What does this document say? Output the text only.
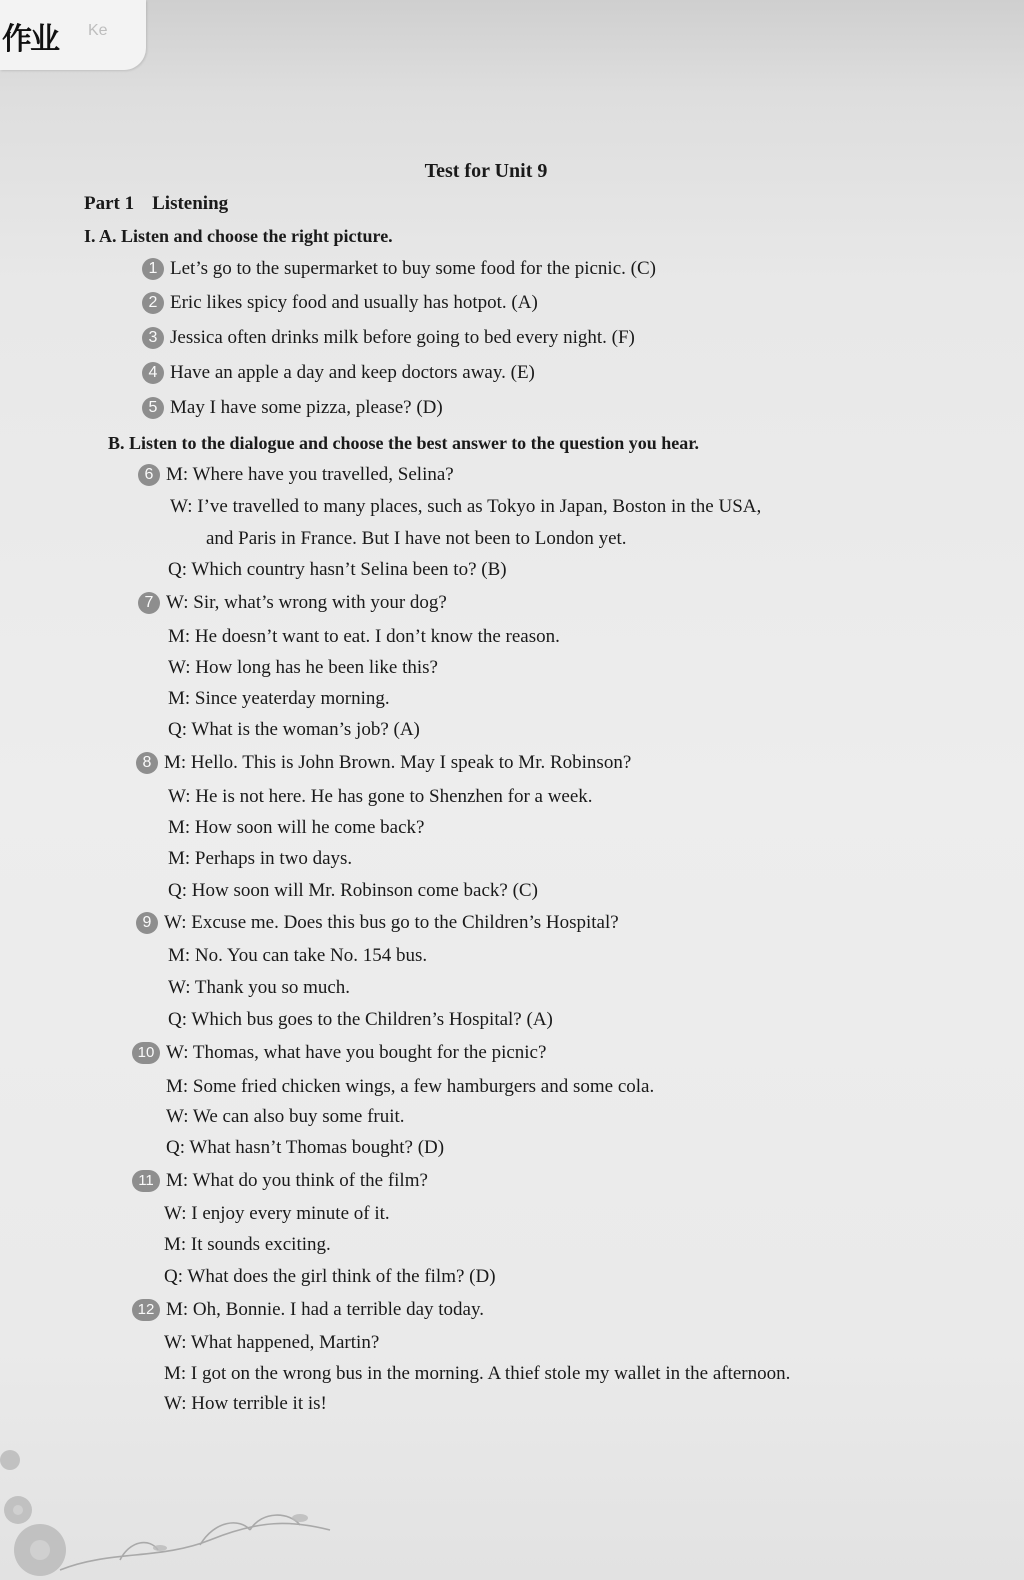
作业 Ke
Test for Unit 9
Part 1 Listening
I. A. Listen and choose the right picture.
1 Let’s go to the supermarket to buy some food for the picnic. (C)
2 Eric likes spicy food and usually has hotpot. (A)
3 Jessica often drinks milk before going to bed every night. (F)
4 Have an apple a day and keep doctors away. (E)
5 May I have some pizza, please? (D)
B. Listen to the dialogue and choose the best answer to the question you hear.
6 M: Where have you travelled, Selina?
W: I’ve travelled to many places, such as Tokyo in Japan, Boston in the USA,
and Paris in France. But I have not been to London yet.
Q: Which country hasn’t Selina been to? (B)
7 W: Sir, what’s wrong with your dog?
M: He doesn’t want to eat. I don’t know the reason.
W: How long has he been like this?
M: Since yeaterday morning.
Q: What is the woman’s job? (A)
8 M: Hello. This is John Brown. May I speak to Mr. Robinson?
W: He is not here. He has gone to Shenzhen for a week.
M: How soon will he come back?
M: Perhaps in two days.
Q: How soon will Mr. Robinson come back? (C)
9 W: Excuse me. Does this bus go to the Children’s Hospital?
M: No. You can take No. 154 bus.
W: Thank you so much.
Q: Which bus goes to the Children’s Hospital? (A)
10 W: Thomas, what have you bought for the picnic?
M: Some fried chicken wings, a few hamburgers and some cola.
W: We can also buy some fruit.
Q: What hasn’t Thomas bought? (D)
11 M: What do you think of the film?
W: I enjoy every minute of it.
M: It sounds exciting.
Q: What does the girl think of the film? (D)
12 M: Oh, Bonnie. I had a terrible day today.
W: What happened, Martin?
M: I got on the wrong bus in the morning. A thief stole my wallet in the afternoon.
W: How terrible it is!
